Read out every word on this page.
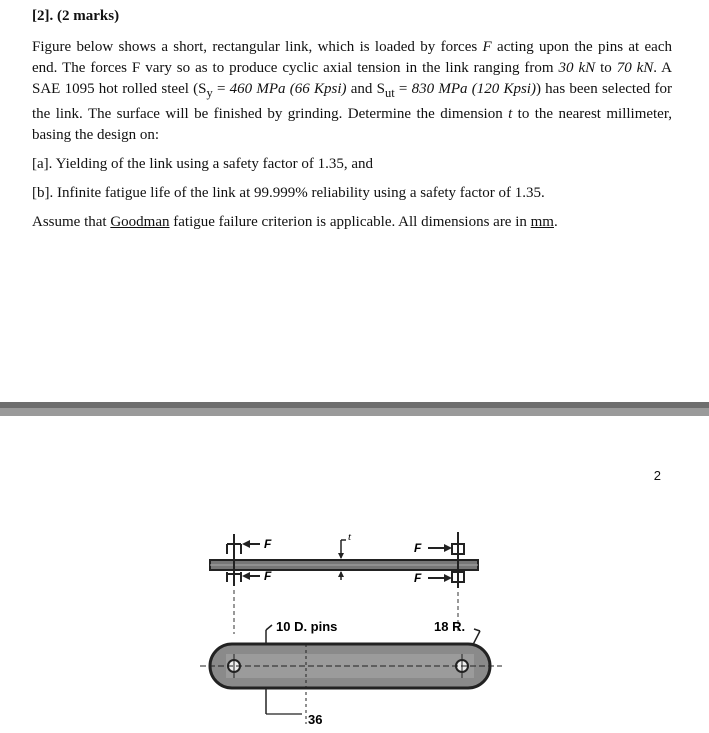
[2]. (2 marks)

Figure below shows a short, rectangular link, which is loaded by forces F acting upon the pins at each end. The forces F vary so as to produce cyclic axial tension in the link ranging from 30 kN to 70 kN. A SAE 1095 hot rolled steel ($S_y = 460$ MPa (66 Kpsi) and $S_{ut} = 830$ MPa (120 Kpsi)) has been selected for the link. The surface will be finished by grinding. Determine the dimension t to the nearest millimeter, basing the design on:

[a]. Yielding of the link using a safety factor of 1.35, and

[b]. Infinite fatigue life of the link at 99.999% reliability using a safety factor of 1.35.

Assume that Goodman fatigue failure criterion is applicable. All dimensions are in mm.

2
F
F
t
F
F
10 D. pins	18 R.
36
